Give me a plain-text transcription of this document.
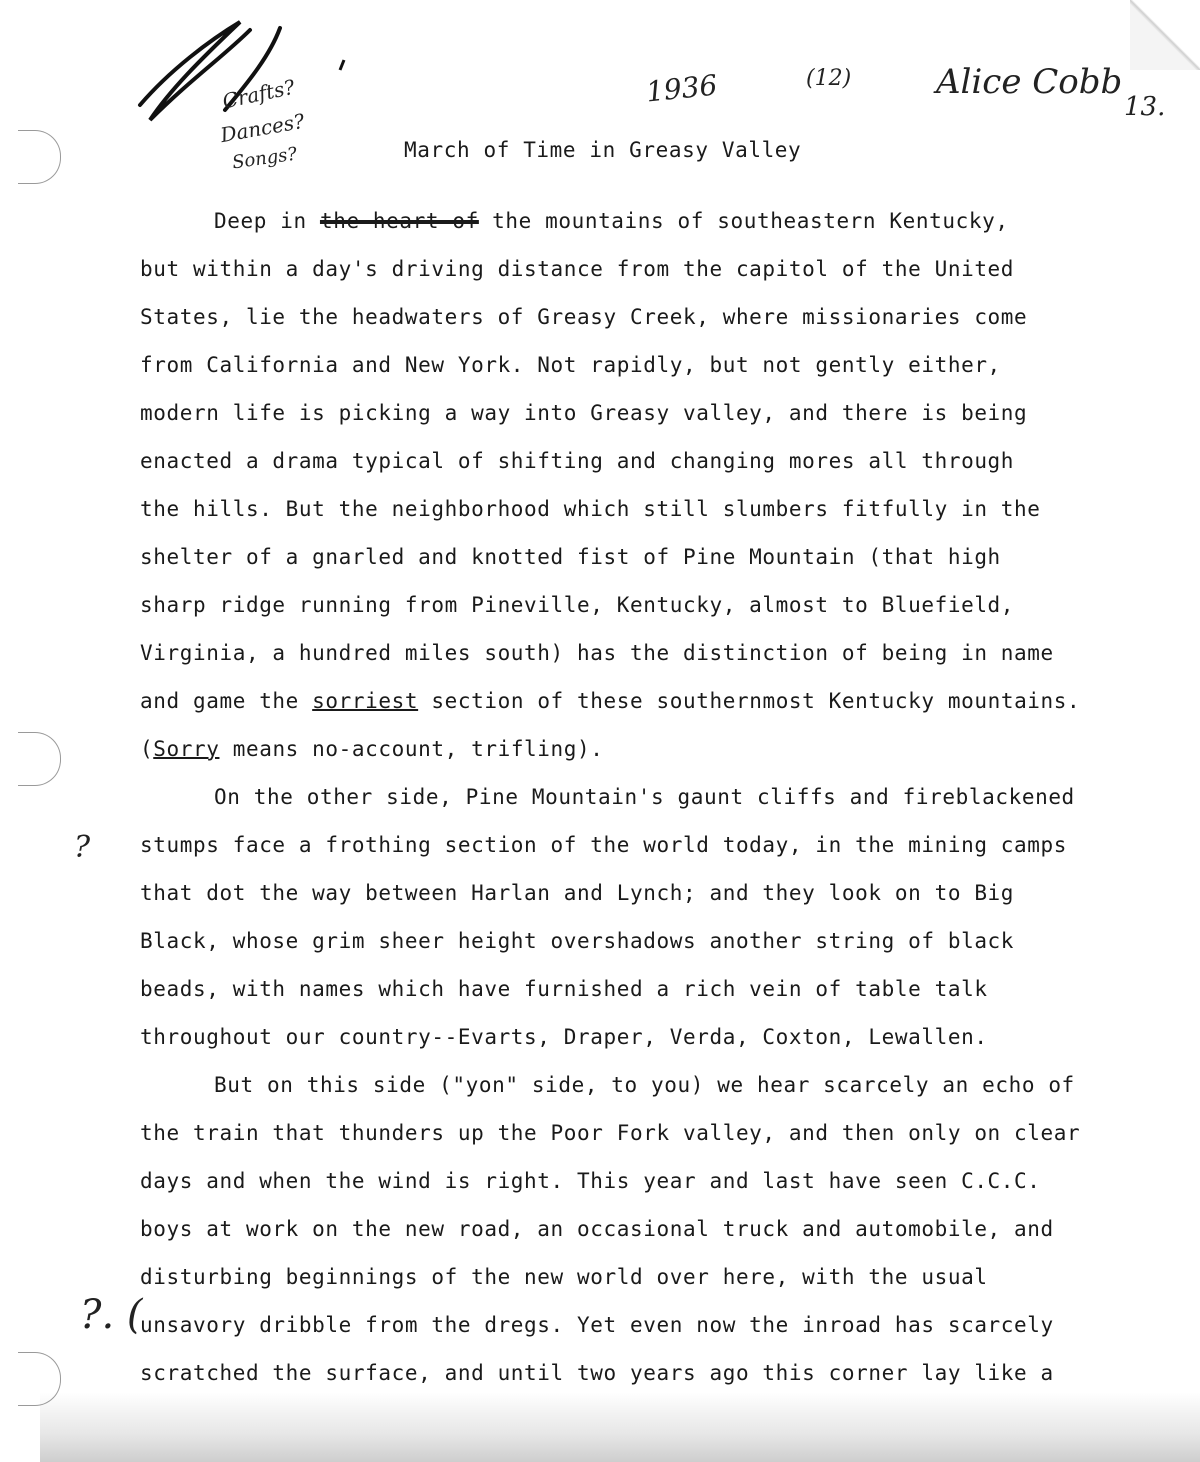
Crafts?
Dances?
Songs?
1936	(12) Alice Cobb
13.
March of Time in Greasy Valley
Deep in the heart of the mountains of southeastern Kentucky,
but within a day's driving distance from the capitol of the United
States, lie the headwaters of Greasy Creek, where missionaries come
from California and New York. Not rapidly, but not gently either,
modern life is picking a way into Greasy valley, and there is being
enacted a drama typical of shifting and changing mores all through
the hills. But the neighborhood which still slumbers fitfully in the
shelter of a gnarled and knotted fist of Pine Mountain (that high
sharp ridge running from Pineville, Kentucky, almost to Bluefield,
Virginia, a hundred miles south) has the distinction of being in name
and game the sorriest section of these southernmost Kentucky mountains.
(Sorry means no-account, trifling).
?
On the other side, Pine Mountain's gaunt cliffs and fireblackened
stumps face a frothing section of the world today, in the mining camps
that dot the way between Harlan and Lynch; and they look on to Big
Black, whose grim sheer height overshadows another string of black
beads, with names which have furnished a rich vein of table talk
throughout our country--Evarts, Draper, Verda, Coxton, Lewallen.
But on this side ("yon" side, to you) we hear scarcely an echo of
the train that thunders up the Poor Fork valley, and then only on clear
days and when the wind is right. This year and last have seen C.C.C.
boys at work on the new road, an occasional truck and automobile, and
disturbing beginnings of the new world over here, with the usual
?. (
unsavory dribble from the dregs. Yet even now the inroad has scarcely
scratched the surface, and until two years ago this corner lay like a
